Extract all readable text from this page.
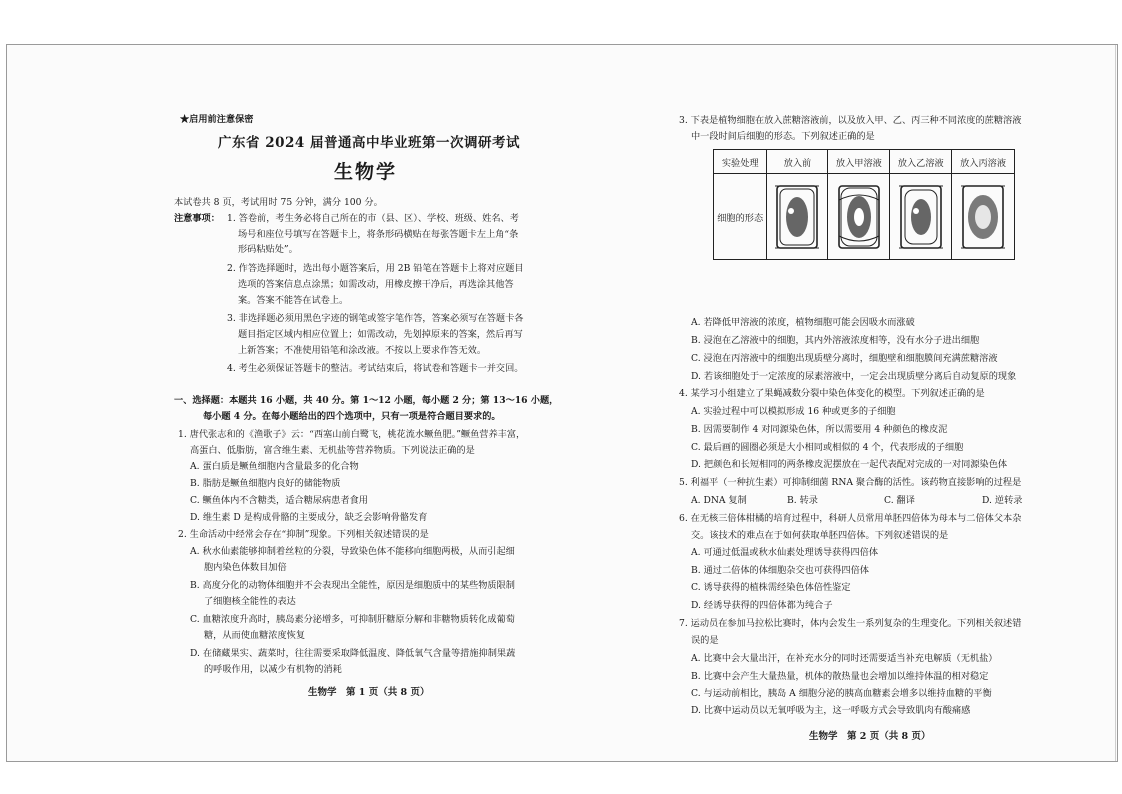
★启用前注意保密
广东省 2024 届普通高中毕业班第一次调研考试
生物学
本试卷共 8 页，考试用时 75 分钟，满分 100 分。
注意事项： 1. 答卷前，考生务必将自己所在的市（县、区）、学校、班级、姓名、考
场号和座位号填写在答题卡上，将条形码横贴在每张答题卡左上角“条
形码粘贴处”。
2. 作答选择题时，选出每小题答案后，用 2B 铅笔在答题卡上将对应题目
选项的答案信息点涂黑；如需改动，用橡皮擦干净后，再选涂其他答
案。答案不能答在试卷上。
3. 非选择题必须用黑色字迹的钢笔或签字笔作答，答案必须写在答题卡各
题目指定区域内相应位置上；如需改动，先划掉原来的答案，然后再写
上新答案；不准使用铅笔和涂改液。不按以上要求作答无效。
4. 考生必须保证答题卡的整洁。考试结束后，将试卷和答题卡一并交回。
一、选择题：本题共 16 小题，共 40 分。第 1～12 小题，每小题 2 分；第 13～16 小题，
每小题 4 分。在每小题给出的四个选项中，只有一项是符合题目要求的。
1. 唐代张志和的《渔歌子》云：“西塞山前白鹭飞，桃花流水鳜鱼肥。”鳜鱼营养丰富，
高蛋白、低脂肪，富含维生素、无机盐等营养物质。下列说法正确的是
A. 蛋白质是鳜鱼细胞内含量最多的化合物
B. 脂肪是鳜鱼细胞内良好的储能物质
C. 鳜鱼体内不含糖类，适合糖尿病患者食用
D. 维生素 D 是构成骨骼的主要成分，缺乏会影响骨骼发育
2. 生命活动中经常会存在“抑制”现象。下列相关叙述错误的是
A. 秋水仙素能够抑制着丝粒的分裂，导致染色体不能移向细胞两极，从而引起细
胞内染色体数目加倍
B. 高度分化的动物体细胞并不会表现出全能性，原因是细胞质中的某些物质限制
了细胞核全能性的表达
C. 血糖浓度升高时，胰岛素分泌增多，可抑制肝糖原分解和非糖物质转化成葡萄
糖，从而使血糖浓度恢复
D. 在储藏果实、蔬菜时，往往需要采取降低温度、降低氧气含量等措施抑制果蔬
的呼吸作用，以减少有机物的消耗
生物学　第 1 页（共 8 页）
3. 下表是植物细胞在放入蔗糖溶液前，以及放入甲、乙、丙三种不同浓度的蔗糖溶液
中一段时间后细胞的形态。下列叙述正确的是
实验处理	放入前	放入甲溶液	放入乙溶液	放入丙溶液
细胞的形态	

A. 若降低甲溶液的浓度，植物细胞可能会因吸水而涨破
B. 浸泡在乙溶液中的细胞，其内外溶液浓度相等，没有水分子进出细胞
C. 浸泡在丙溶液中的细胞出现质壁分离时，细胞壁和细胞膜间充满蔗糖溶液
D. 若该细胞处于一定浓度的尿素溶液中，一定会出现质壁分离后自动复原的现象
4. 某学习小组建立了果蝇减数分裂中染色体变化的模型。下列叙述正确的是
A. 实验过程中可以模拟形成 16 种或更多的子细胞
B. 因需要制作 4 对同源染色体，所以需要用 4 种颜色的橡皮泥
C. 最后画的圆圈必须是大小相同或相似的 4 个，代表形成的子细胞
D. 把颜色和长短相同的两条橡皮泥摆放在一起代表配对完成的一对同源染色体
5. 利福平（一种抗生素）可抑制细菌 RNA 聚合酶的活性。该药物直接影响的过程是
A. DNA 复制	B. 转录	C. 翻译	D. 逆转录
6. 在无核三倍体柑橘的培育过程中，科研人员常用单胚四倍体为母本与二倍体父本杂
交。该技术的难点在于如何获取单胚四倍体。下列叙述错误的是
A. 可通过低温或秋水仙素处理诱导获得四倍体
B. 通过二倍体的体细胞杂交也可获得四倍体
C. 诱导获得的植株需经染色体倍性鉴定
D. 经诱导获得的四倍体都为纯合子
7. 运动员在参加马拉松比赛时，体内会发生一系列复杂的生理变化。下列相关叙述错
误的是
A. 比赛中会大量出汗，在补充水分的同时还需要适当补充电解质（无机盐）
B. 比赛中会产生大量热量，机体的散热量也会增加以维持体温的相对稳定
C. 与运动前相比，胰岛 A 细胞分泌的胰高血糖素会增多以维持血糖的平衡
D. 比赛中运动员以无氧呼吸为主，这一呼吸方式会导致肌肉有酸痛感
生物学　第 2 页（共 8 页）
